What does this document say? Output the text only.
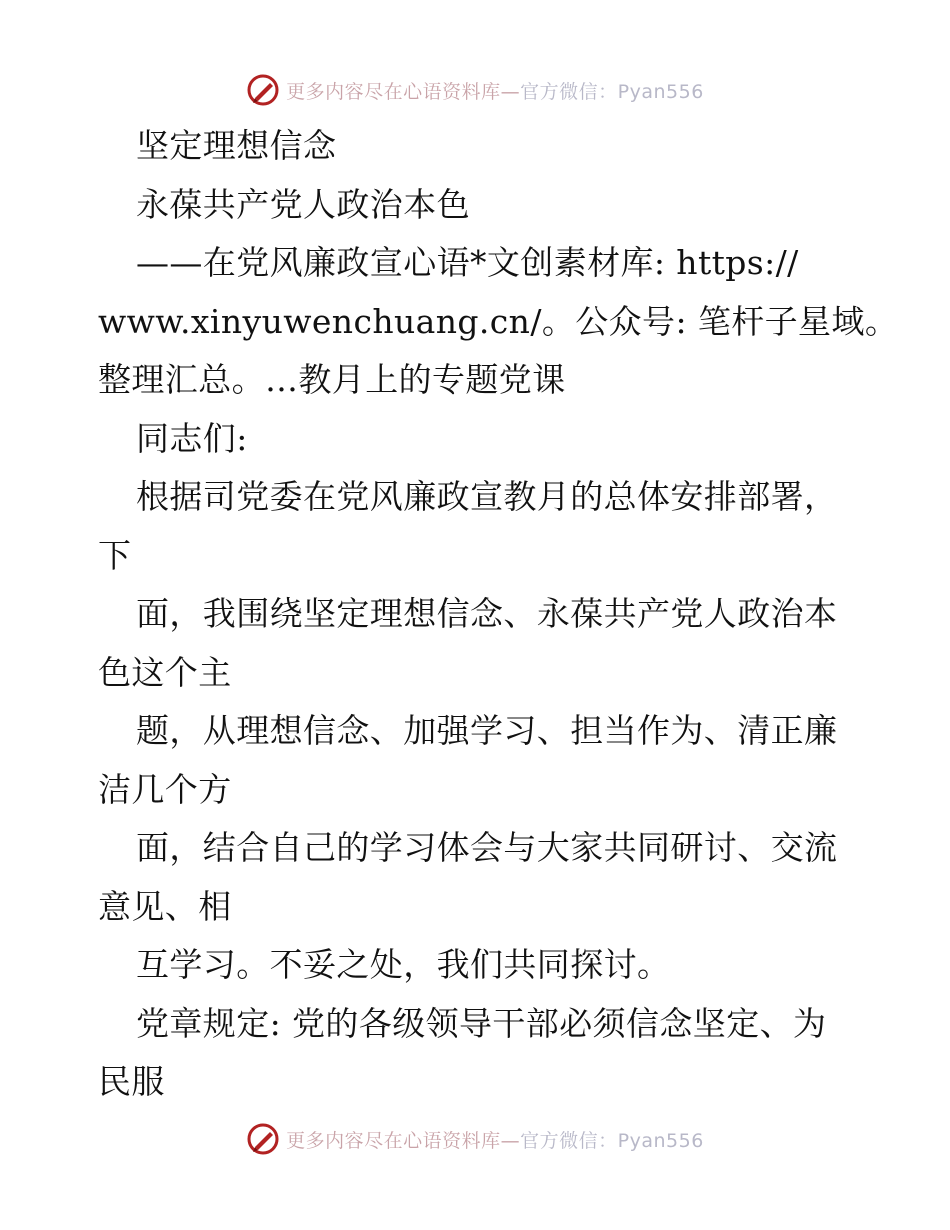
更多内容尽在心语资料库—官方微信：Pyan556
坚定理想信念
永葆共产党人政治本色
——在党风廉政宣心语*文创素材库: https://
www.xinyuwenchuang.cn/。公众号: 笔杆子星域。
整理汇总。…教月上的专题党课
同志们:
根据司党委在党风廉政宣教月的总体安排部署，
下
面，我围绕坚定理想信念、永葆共产党人政治本
色这个主
题，从理想信念、加强学习、担当作为、清正廉
洁几个方
面，结合自己的学习体会与大家共同研讨、交流
意见、相
互学习。不妥之处，我们共同探讨。
党章规定: 党的各级领导干部必须信念坚定、为
民服
更多内容尽在心语资料库—官方微信：Pyan556
